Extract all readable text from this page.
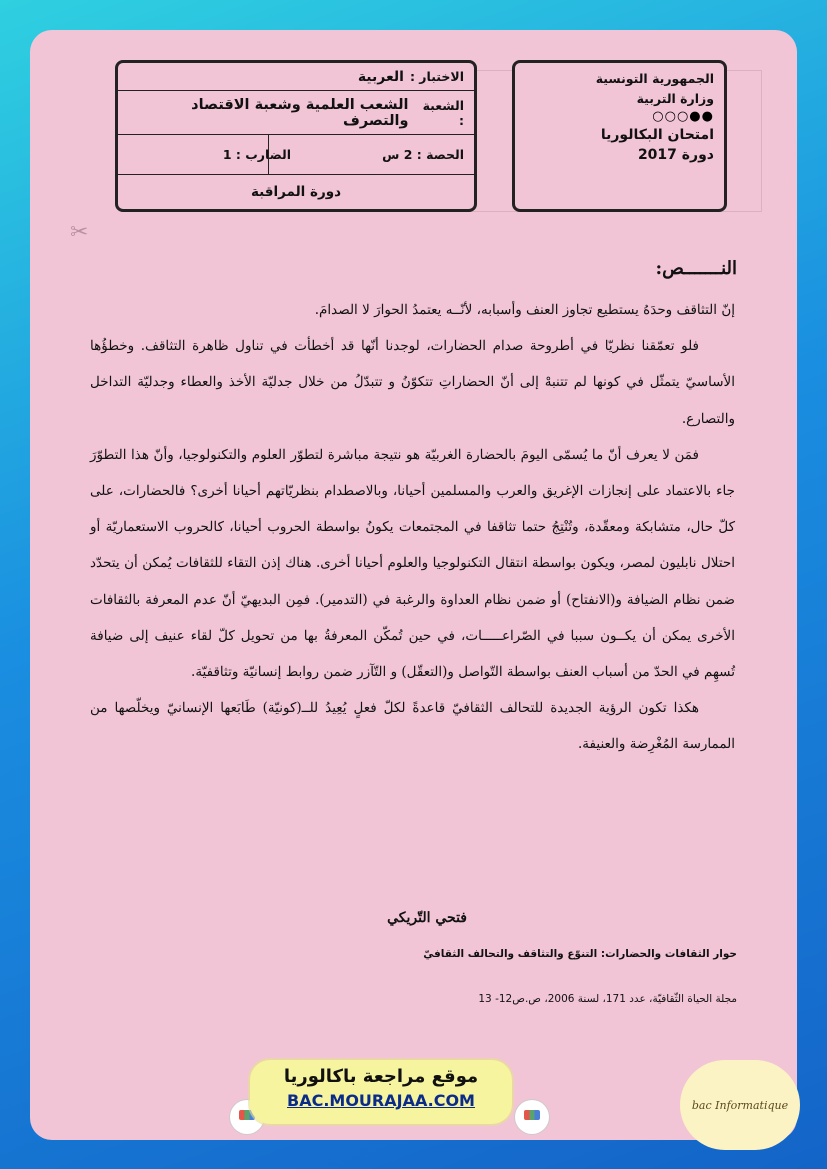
الجمهورية التونسية
وزارة التربية
●●○○○
امتحان البكالوريا
دورة 2017
الاختبار :
العربية
الشعبة :
الشعب العلمية وشعبة الاقتصاد والتصرف
الحصة : 2 س
الضارب : 1
دورة المراقبة
✂
النـــــــص:

إنّ التثاقف وحدَهُ يستطيع تجاوز العنف وأسبابه، لأنّــه يعتمدُ الحوارَ لا الصدامَ.

فلو تعمّقنا نظريّا في أطروحة صدام الحضارات، لوجدنا أنّها قد أخطأت في تناول ظاهرة التثاقف. وخطؤُها الأساسيّ يتمثّل في كونها لم تتنبهْ إلى أنّ الحضاراتِ تتكوّنُ و تتبدّلُ من خلال جدليّة الأخذ والعطاء وجدليّة التداخل والتصارع.

فمَن لا يعرف أنّ ما يُسمّى اليومَ بالحضارة الغربيّة هو نتيجة مباشرة لتطوّر العلوم والتكنولوجيا، وأنّ هذا التطوّرَ جاء بالاعتماد على إنجازات الإغريق والعرب والمسلمين أحيانا، وبالاصطدام بنظريّاتهم أحيانا أخرى؟ فالحضارات، على كلّ حال، متشابكة ومعقّدة، وتُنْتِجُ حتما تثاقفا في المجتمعات يكونُ بواسطة الحروب أحيانا، كالحروب الاستعماريّة أو احتلال نابليون لمصر، ويكون بواسطة انتقال التكنولوجيا والعلوم أحيانا أخرى. هناك إذن التقاء للثقافات يُمكن أن يتحدّد ضمن نظام الضيافة و(الانفتاح) أو ضمن نظام العداوة والرغبة في (التدمير). فمِن البديهيّ أنّ عدم المعرفة بالثقافات الأخرى يمكن أن يكــون سببا في الصّراعـــــات، في حين تُمكّن المعرفةُ بها من تحويل كلّ لقاء عنيف إلى ضيافة تُسهِم في الحدّ من أسباب العنف بواسطة التّواصل و(التعقّل) و التّآزر ضمن روابط إنسانيّة وتثاقفيّة.

هكذا تكون الرؤية الجديدة للتحالف الثقافيّ قاعدةً لكلّ فعلٍ يُعِيدُ للــ(كونيّة) طَابَعها الإنسانيّ ويخلّصها من الممارسة المُغْرِضة والعنيفة.

فتحي التّريكي
حوار الثقافات والحضارات: التنوّع والتثاقف والتحالف الثقافيّ
مجلة الحياة الثّقافيّة، عدد 171، لسنة 2006، ص.ص12- 13
موقع مراجعة باكالوريا
BAC.MOURAJAA.COM	bac Informatique
